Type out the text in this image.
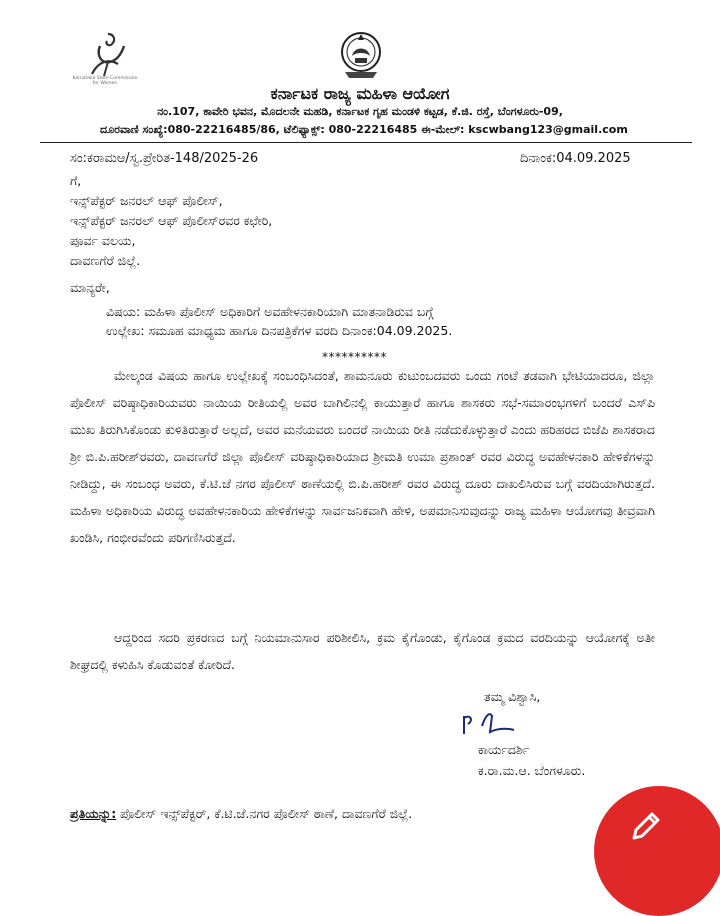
Karnataka State Commission for Women
ಕರ್ನಾಟಕ ರಾಜ್ಯ ಮಹಿಳಾ ಆಯೋಗ
ನಂ.107, ಕಾವೇರಿ ಭವನ, ಮೊದಲನೇ ಮಹಡಿ, ಕರ್ನಾಟಕ ಗೃಹ ಮಂಡಳಿ ಕಟ್ಟಡ, ಕೆ.ಜಿ. ರಸ್ತೆ, ಬೆಂಗಳೂರು-09,
ದೂರವಾಣಿ ಸಂಖ್ಯೆ:080-22216485/86, ಟೆಲಿಫ್ಯಾಕ್ಸ್: 080-22216485 ಈ-ಮೇಲ್: kscwbang123@gmail.com
ಸಂ:ಕರಾಮಆ/ಸ್ವ.ಪ್ರೇರಿತ-148/2025-26	ದಿನಾಂಕ:04.09.2025
ಗೆ,
ಇನ್ಸ್‌ಪೆಕ್ಟರ್ ಜನರಲ್ ಆಫ್ ಪೊಲೀಸ್,
ಇನ್ಸ್‌ಪೆಕ್ಟರ್ ಜನರಲ್ ಆಫ್ ಪೊಲೀಸ್‌ರವರ ಕಛೇರಿ,
ಪೂರ್ವ ವಲಯ,
ದಾವಣಗೆರೆ ಜಿಲ್ಲೆ.
ಮಾನ್ಯರೇ,
ವಿಷಯ: ಮಹಿಳಾ ಪೊಲೀಸ್ ಅಧಿಕಾರಿಗೆ ಅವಹೇಳನಕಾರಿಯಾಗಿ ಮಾತನಾಡಿರುವ ಬಗ್ಗೆ
ಉಲ್ಲೇಖ: ಸಮೂಹ ಮಾಧ್ಯಮ ಹಾಗೂ ದಿನಪತ್ರಿಕೆಗಳ ವರದಿ ದಿನಾಂಕ:04.09.2025.
**********
ಮೇಲ್ಕಂಡ ವಿಷಯ ಹಾಗೂ ಉಲ್ಲೇಖಕ್ಕೆ ಸಂಬಂಧಿಸಿದಂತೆ, ಶಾಮನೂರು ಕುಟುಂಬದವರು ಒಂದು ಗಂಟೆ ತಡವಾಗಿ ಭೇಟಿಯಾದರೂ, ಜಿಲ್ಲಾ ಪೊಲೀಸ್ ವರಿಷ್ಠಾಧಿಕಾರಿಯವರು ನಾಯಿಯ ರೀತಿಯಲ್ಲಿ ಅವರ ಬಾಗಿಲಿನಲ್ಲಿ ಕಾಯುತ್ತಾರೆ ಹಾಗೂ ಶಾಸಕರು ಸಭೆ-ಸಮಾರಂಭಗಳಿಗೆ ಬಂದರೆ ಎಸ್‌ಪಿ ಮುಖ ತಿರುಗಿಸಿಕೊಂಡು ಕುಳಿತಿರುತ್ತಾರೆ ಅಲ್ಲದೆ, ಅವರ ಮನೆಯವರು ಬಂದರೆ ನಾಯಿಯ ರೀತಿ ನಡೆದುಕೊಳ್ಳುತ್ತಾರೆ ಎಂದು ಹರಿಹರದ ಬಿಜೆಪಿ ಶಾಸಕರಾದ ಶ್ರೀ ಬಿ.ಪಿ.ಹರೀಶ್‌ರವರು, ದಾವಣಗೆರೆ ಜಿಲ್ಲಾ ಪೊಲೀಸ್ ವರಿಷ್ಠಾಧಿಕಾರಿಯಾದ ಶ್ರೀಮತಿ ಉಮಾ ಪ್ರಶಾಂತ್ ರವರ ವಿರುದ್ಧ ಅವಹೇಳನಕಾರಿ ಹೇಳಿಕೆಗಳನ್ನು ನೀಡಿದ್ದು, ಈ ಸಂಬಂಧ ಅವರು, ಕೆ.ಟಿ.ಜೆ ನಗರ ಪೊಲೀಸ್ ಠಾಣೆಯಲ್ಲಿ ಬಿ.ಪಿ.ಹರೀಶ್ ರವರ ವಿರುದ್ಧ ದೂರು ದಾಖಲಿಸಿರುವ ಬಗ್ಗೆ ವರದಿಯಾಗಿರುತ್ತದೆ. ಮಹಿಳಾ ಅಧಿಕಾರಿಯ ವಿರುದ್ಧ ಅವಹೇಳನಕಾರಿಯ ಹೇಳಿಕೆಗಳನ್ನು ಸಾರ್ವಜನಿಕವಾಗಿ ಹೇಳಿ, ಅಪಮಾನಿಸುವುದನ್ನು ರಾಜ್ಯ ಮಹಿಳಾ ಆಯೋಗವು ತೀವ್ರವಾಗಿ ಖಂಡಿಸಿ, ಗಂಭೀರವೆಂದು ಪರಿಗಣಿಸಿರುತ್ತದೆ.
ಆದ್ದರಿಂದ ಸದರಿ ಪ್ರಕರಣದ ಬಗ್ಗೆ ನಿಯಮಾನುಸಾರ ಪರಿಶೀಲಿಸಿ, ಕ್ರಮ ಕೈಗೊಂಡು, ಕೈಗೊಂಡ ಕ್ರಮದ ವರದಿಯನ್ನು ಆಯೋಗಕ್ಕೆ ಅತೀ ಶೀಘ್ರದಲ್ಲಿ ಕಳುಹಿಸಿ ಕೊಡುವಂತೆ ಕೋರಿದೆ.
ತಮ್ಮ ವಿಶ್ವಾಸಿ,
ಕಾರ್ಯದರ್ಶಿ
ಕ.ರಾ.ಮ.ಆ. ಬೆಂಗಳೂರು.
ಪ್ರತಿಯನ್ನು: ಪೊಲೀಸ್ ಇನ್ಸ್‌ಪೆಕ್ಟರ್, ಕೆ.ಟಿ.ಜೆ.ನಗರ ಪೊಲೀಸ್ ಠಾಣೆ, ದಾವಣಗೆರೆ ಜಿಲ್ಲೆ.
